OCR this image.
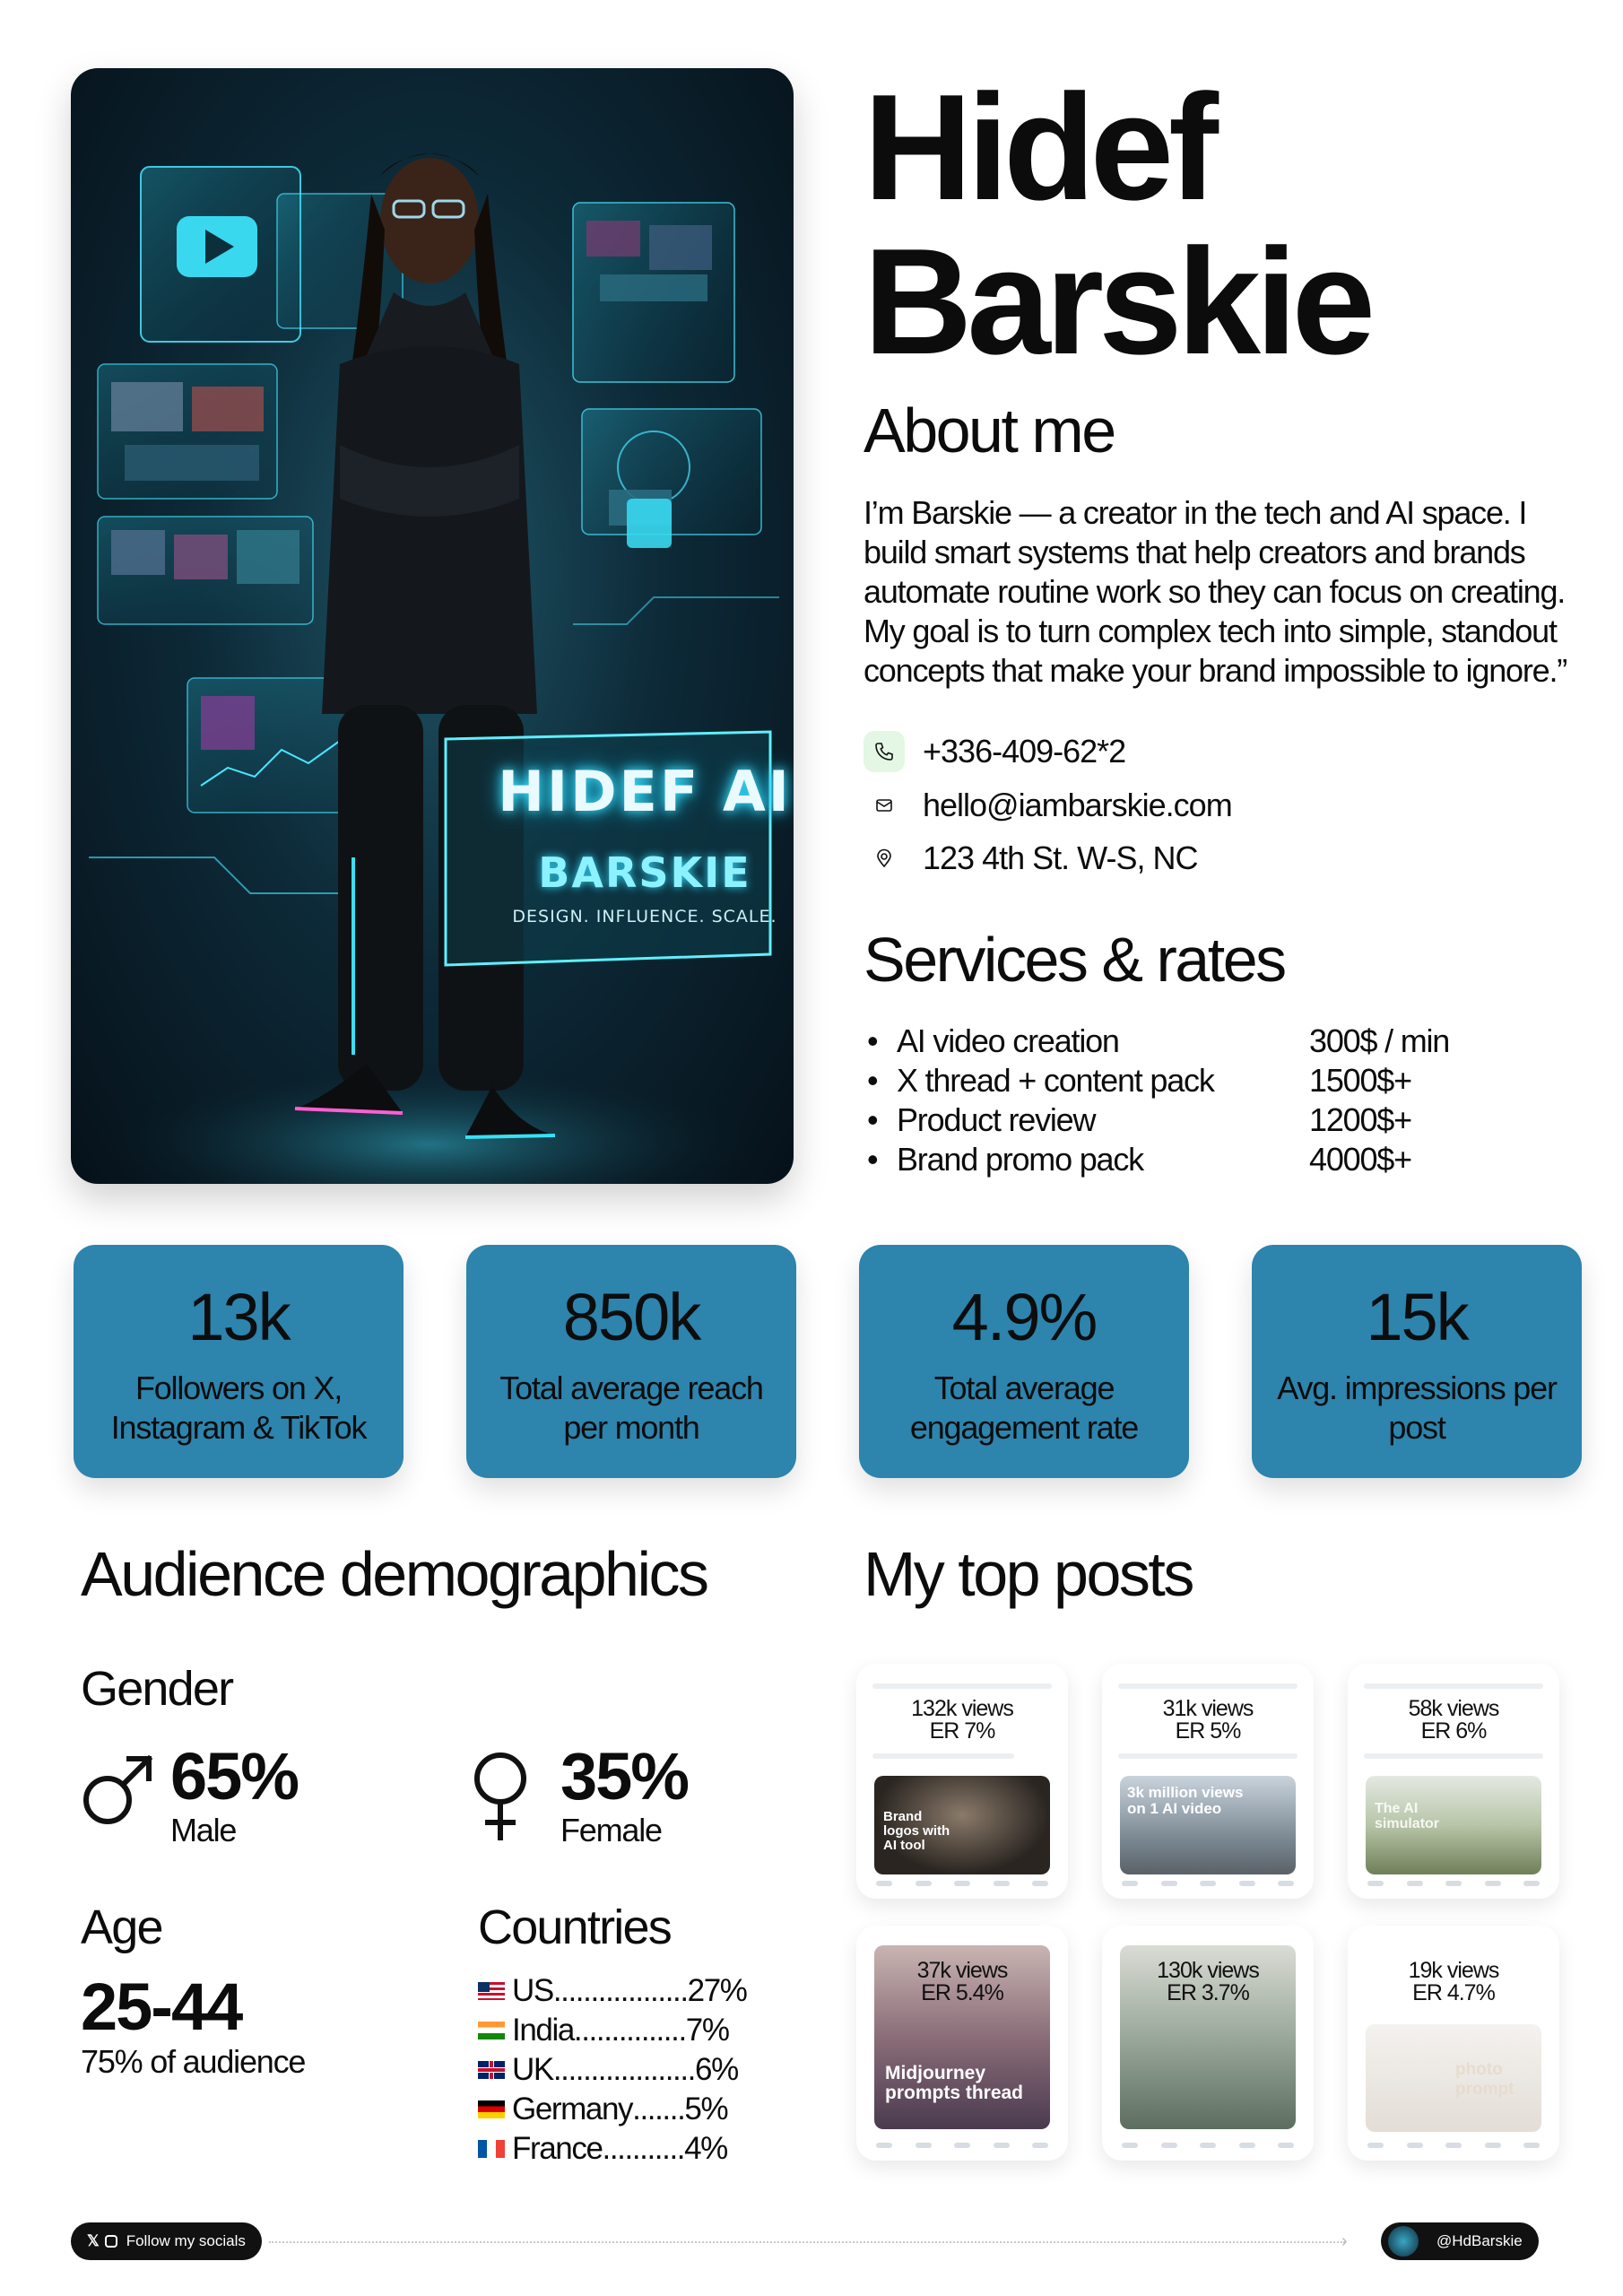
HIDEF AI
BARSKIE
DESIGN. INFLUENCE. SCALE.
Hidef
Barskie
About me
I’m Barskie — a creator in the tech and AI space. I build smart systems that help creators and brands automate routine work so they can focus on creating. My goal is to turn complex tech into simple, standout concepts that make your brand impossible to ignore.”
+336-409-62*2
hello@iambarskie.com
123 4th St. W-S, NC
Services & rates
• AI video creation	300$ / min
• X thread + content pack	1500$+
• Product review	1200$+
• Brand promo pack	4000$+
13k
Followers on X, Instagram & TikTok
850k
Total average reach per month
4.9%
Total average engagement rate
15k
Avg. impressions per post
Audience demographics
Gender
65%
Male
35%
Female
Age
25-44
75% of audience
Countries
US .................. 27%
India ............... 7%
UK ................... 6%
Germany ....... 5%
France ........... 4%
My top posts
132k views
ER 7%
Brand logos with AI tool
31k views
ER 5%
3k million views on 1 AI video
58k views
ER 6%
The AI simulator
Midjourney prompts thread
37k views
ER 5.4%
130k views
ER 3.7%
19k views
ER 4.7%
photo prompt
𝕏 Follow my socials	›	@HdBarskie
